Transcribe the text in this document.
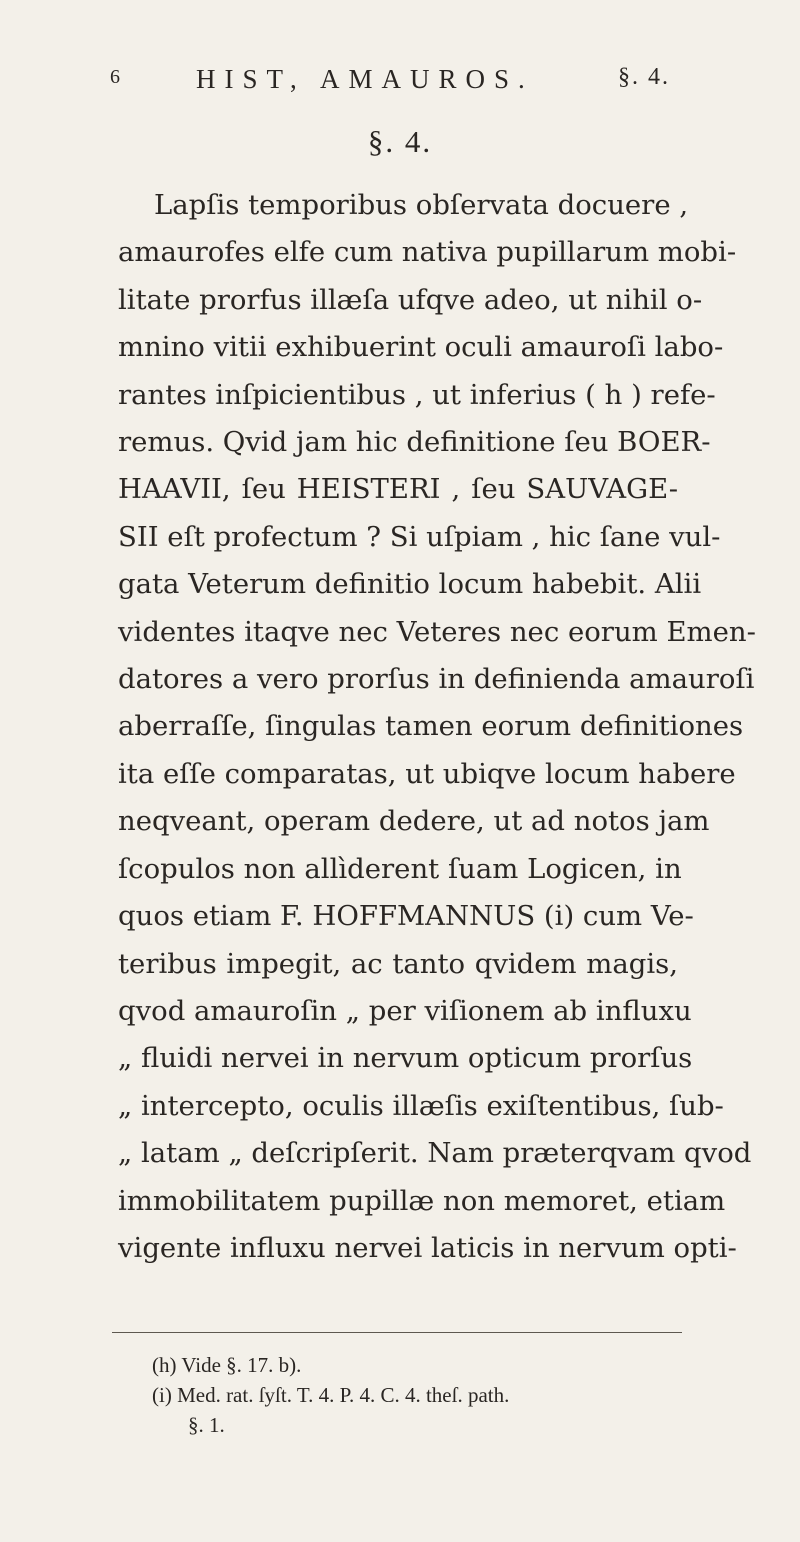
6	HIST, AMAUROS.	§. 4.
§. 4.
Lapſis temporibus obſervata docuere ,
amaurofes elfe cum nativa pupillarum mobi-
litate prorfus illæſa ufqve adeo, ut nihil o-
mnino vitii exhibuerint oculi amauroſi labo-
rantes inſpicientibus , ut inferius ( h ) refe-
remus. Qvid jam hic definitione ſeu BOER-
HAAVII, ſeu HEISTERI , ſeu SAUVAGE-
SII eſt profectum ? Si uſpiam , hic ſane vul-
gata Veterum definitio locum habebit. Alii
videntes itaqve nec Veteres nec eorum Emen-
datores a vero prorſus in definienda amauroſi
aberraſſe, ſingulas tamen eorum definitiones
ita eſſe comparatas, ut ubiqve locum habere
neqveant, operam dedere, ut ad notos jam
ſcopulos non allìderent ſuam Logicen, in
quos etiam F. HOFFMANNUS (i) cum Ve-
teribus impegit, ac tanto qvidem magis,
qvod amauroſin „ per viſionem ab influxu
„ fluidi nervei in nervum opticum prorſus
„ intercepto, oculis illæſis exiſtentibus, ſub-
„ latam „ deſcripſerit. Nam præterqvam qvod
immobilitatem pupillæ non memoret, etiam
vigente influxu nervei laticis in nervum opti-
(h) Vide §. 17. b).
(i) Med. rat. ſyſt. T. 4. P. 4. C. 4. theſ. path.
§. 1.
